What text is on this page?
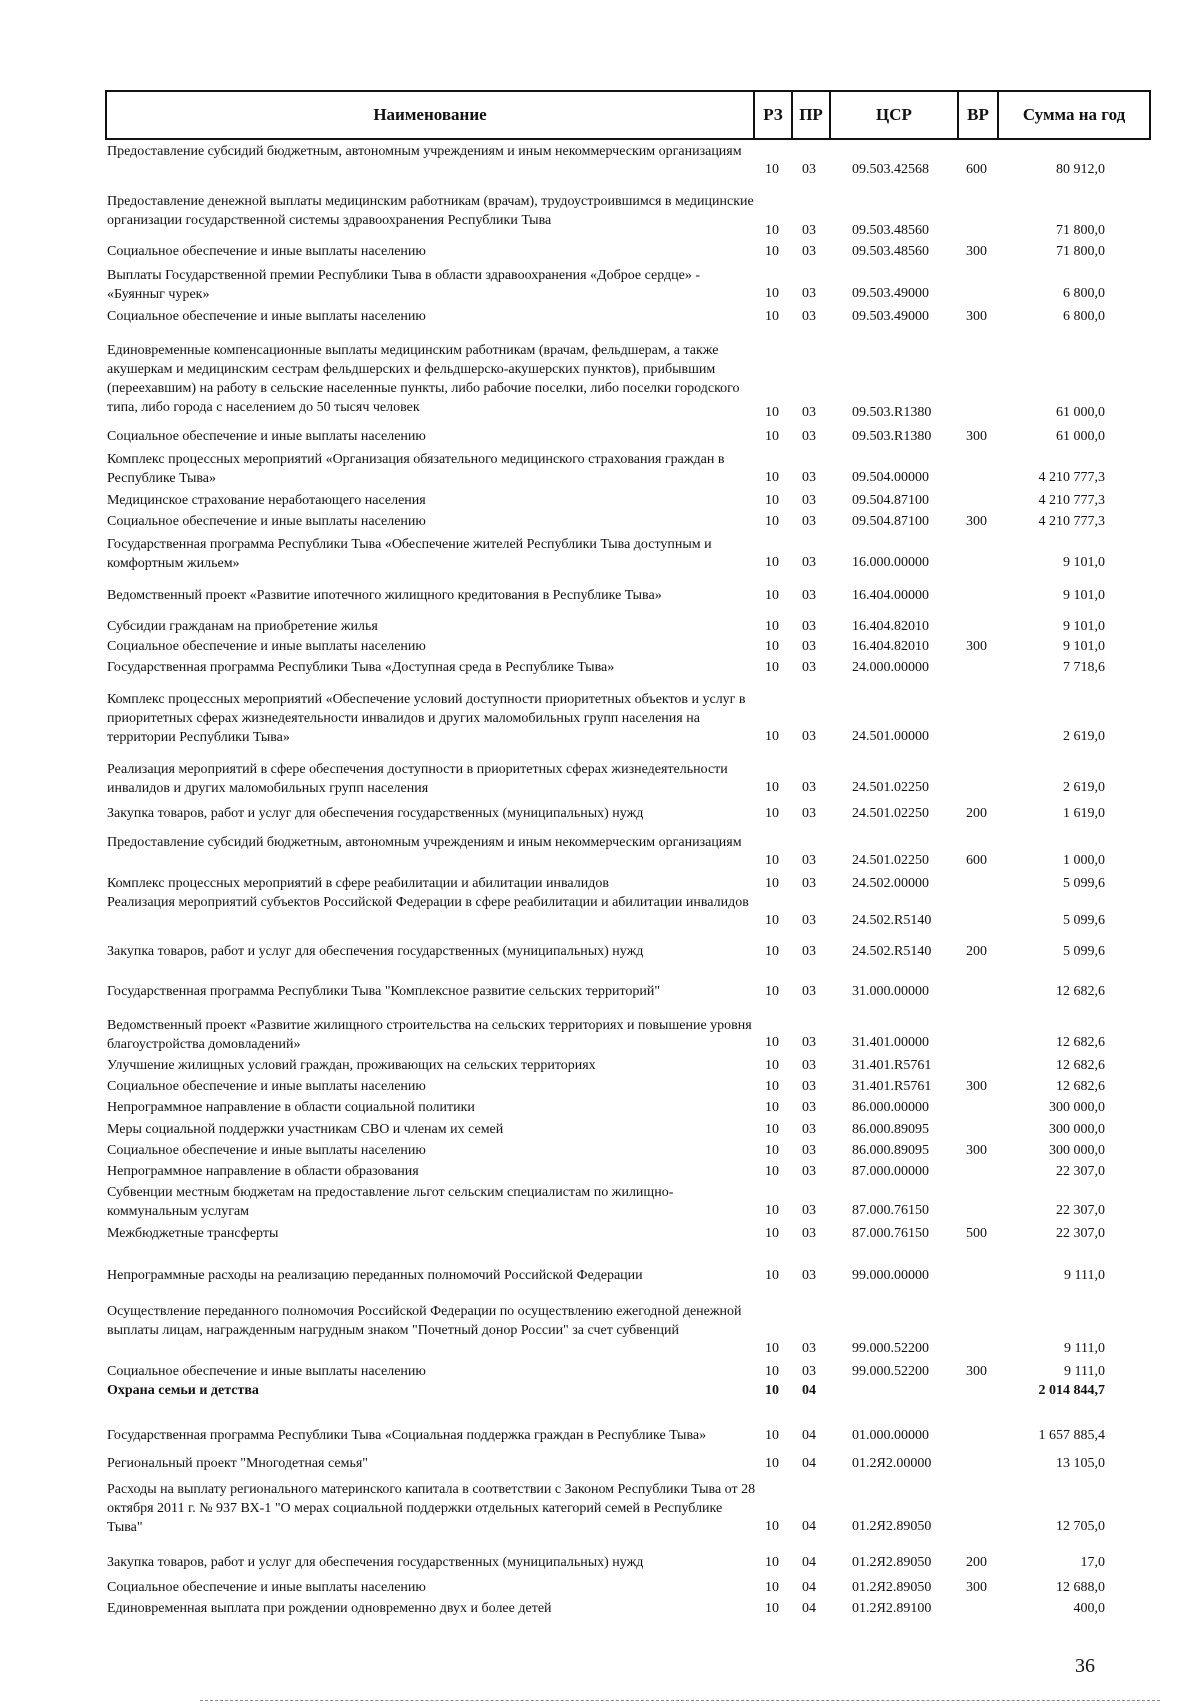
Наименование	РЗ ПР	ЦСР	ВР	Сумма на год
Предоставление субсидий бюджетным, автономным учреждениям и иным некоммерческим организациям
10 03	09.503.42568	600	80 912,0
Предоставление денежной выплаты медицинским работникам (врачам), трудоустроившимся в медицинские организации государственной системы здравоохранения Республики Тыва
10 03	09.503.48560	71 800,0
Социальное обеспечение и иные выплаты населению	10 03	09.503.48560	300	71 800,0
Выплаты Государственной премии Республики Тыва в области здравоохранения «Доброе сердце» - «Буянныг чурек»	10 03	09.503.49000	6 800,0
Социальное обеспечение и иные выплаты населению	10 03	09.503.49000	300	6 800,0
Единовременные компенсационные выплаты медицинским работникам (врачам, фельдшерам, а также акушеркам и медицинским сестрам фельдшерских и фельдшерско-акушерских пунктов), прибывшим (переехавшим) на работу в сельские населенные пункты, либо рабочие поселки, либо поселки городского типа, либо города с населением до 50 тысяч человек	10 03	09.503.R1380	61 000,0
Социальное обеспечение и иные выплаты населению	10 03	09.503.R1380 300	61 000,0
Комплекс процессных мероприятий «Организация обязательного медицинского страхования граждан в Республике Тыва»	10 03	09.504.00000	4 210 777,3
Медицинское страхование неработающего населения	10 03	09.504.87100	4 210 777,3
Социальное обеспечение и иные выплаты населению	10 03	09.504.87100	300	4 210 777,3
Государственная программа Республики Тыва «Обеспечение жителей Республики Тыва доступным и комфортным жильем»	10 03	16.000.00000	9 101,0
Ведомственный проект «Развитие ипотечного жилищного кредитования в Республике Тыва»	10 03	16.404.00000	9 101,0
Субсидии гражданам на приобретение жилья	10 03	16.404.82010	9 101,0
Социальное обеспечение и иные выплаты населению	10 03	16.404.82010	300	9 101,0
Государственная программа Республики Тыва «Доступная среда в Республике Тыва»	10 03	24.000.00000	7 718,6
Комплекс процессных мероприятий «Обеспечение условий доступности приоритетных объектов и услуг в приоритетных сферах жизнедеятельности инвалидов и других маломобильных групп населения на территории Республики Тыва»	10 03	24.501.00000	2 619,0
Реализация мероприятий в сфере обеспечения доступности в приоритетных сферах жизнедеятельности инвалидов и других маломобильных групп населения	10 03	24.501.02250	2 619,0
Закупка товаров, работ и услуг для обеспечения государственных (муниципальных) нужд	10 03	24.501.02250	200	1 619,0
Предоставление субсидий бюджетным, автономным учреждениям и иным некоммерческим организациям
10 03	24.501.02250	600	1 000,0
Комплекс процессных мероприятий в сфере реабилитации и абилитации инвалидов	10 03	24.502.00000	5 099,6
Реализация мероприятий субъектов Российской Федерации в сфере реабилитации и абилитации инвалидов
10 03	24.502.R5140	5 099,6
Закупка товаров, работ и услуг для обеспечения государственных (муниципальных) нужд	10 03	24.502.R5140 200	5 099,6
Государственная программа Республики Тыва "Комплексное развитие сельских территорий"	10 03	31.000.00000	12 682,6
Ведомственный проект «Развитие жилищного строительства на сельских территориях и повышение уровня благоустройства домовладений»	10 03	31.401.00000	12 682,6
Улучшение жилищных условий граждан, проживающих на сельских территориях	10 03	31.401.R5761	12 682,6
Социальное обеспечение и иные выплаты населению	10 03	31.401.R5761 300	12 682,6
Непрограммное направление в области социальной политики	10 03	86.000.00000	300 000,0
Меры социальной поддержки участникам СВО и членам их семей	10 03	86.000.89095	300 000,0
Социальное обеспечение и иные выплаты населению	10 03	86.000.89095	300	300 000,0
Непрограммное направление в области образования	10 03	87.000.00000	22 307,0
Субвенции местным бюджетам на предоставление льгот сельским специалистам по жилищно-коммунальным услугам	10 03	87.000.76150	22 307,0
Межбюджетные трансферты	10 03	87.000.76150	500	22 307,0
Непрограммные расходы на реализацию переданных полномочий Российской Федерации	10 03	99.000.00000	9 111,0
Осуществление переданного полномочия Российской Федерации по осуществлению ежегодной денежной выплаты лицам, награжденным нагрудным знаком "Почетный донор России" за счет субвенций
10 03	99.000.52200	9 111,0
Социальное обеспечение и иные выплаты населению	10 03	99.000.52200	300	9 111,0
Охрана семьи и детства	10 04	2 014 844,7
Государственная программа Республики Тыва «Социальная поддержка граждан в Республике Тыва»	10 04	01.000.00000	1 657 885,4
Региональный проект "Многодетная семья"	10 04	01.2Я2.00000	13 105,0
Расходы на выплату регионального материнского капитала в соответствии с Законом Республики Тыва от 28 октября 2011 г. № 937 ВХ-1 "О мерах социальной поддержки отдельных категорий семей в Республике Тыва"	10 04	01.2Я2.89050	12 705,0
Закупка товаров, работ и услуг для обеспечения государственных (муниципальных) нужд	10 04	01.2Я2.89050 200	17,0
Социальное обеспечение и иные выплаты населению	10 04	01.2Я2.89050 300	12 688,0
Единовременная выплата при рождении одновременно двух и более детей	10 04	01.2Я2.89100	400,0
36
